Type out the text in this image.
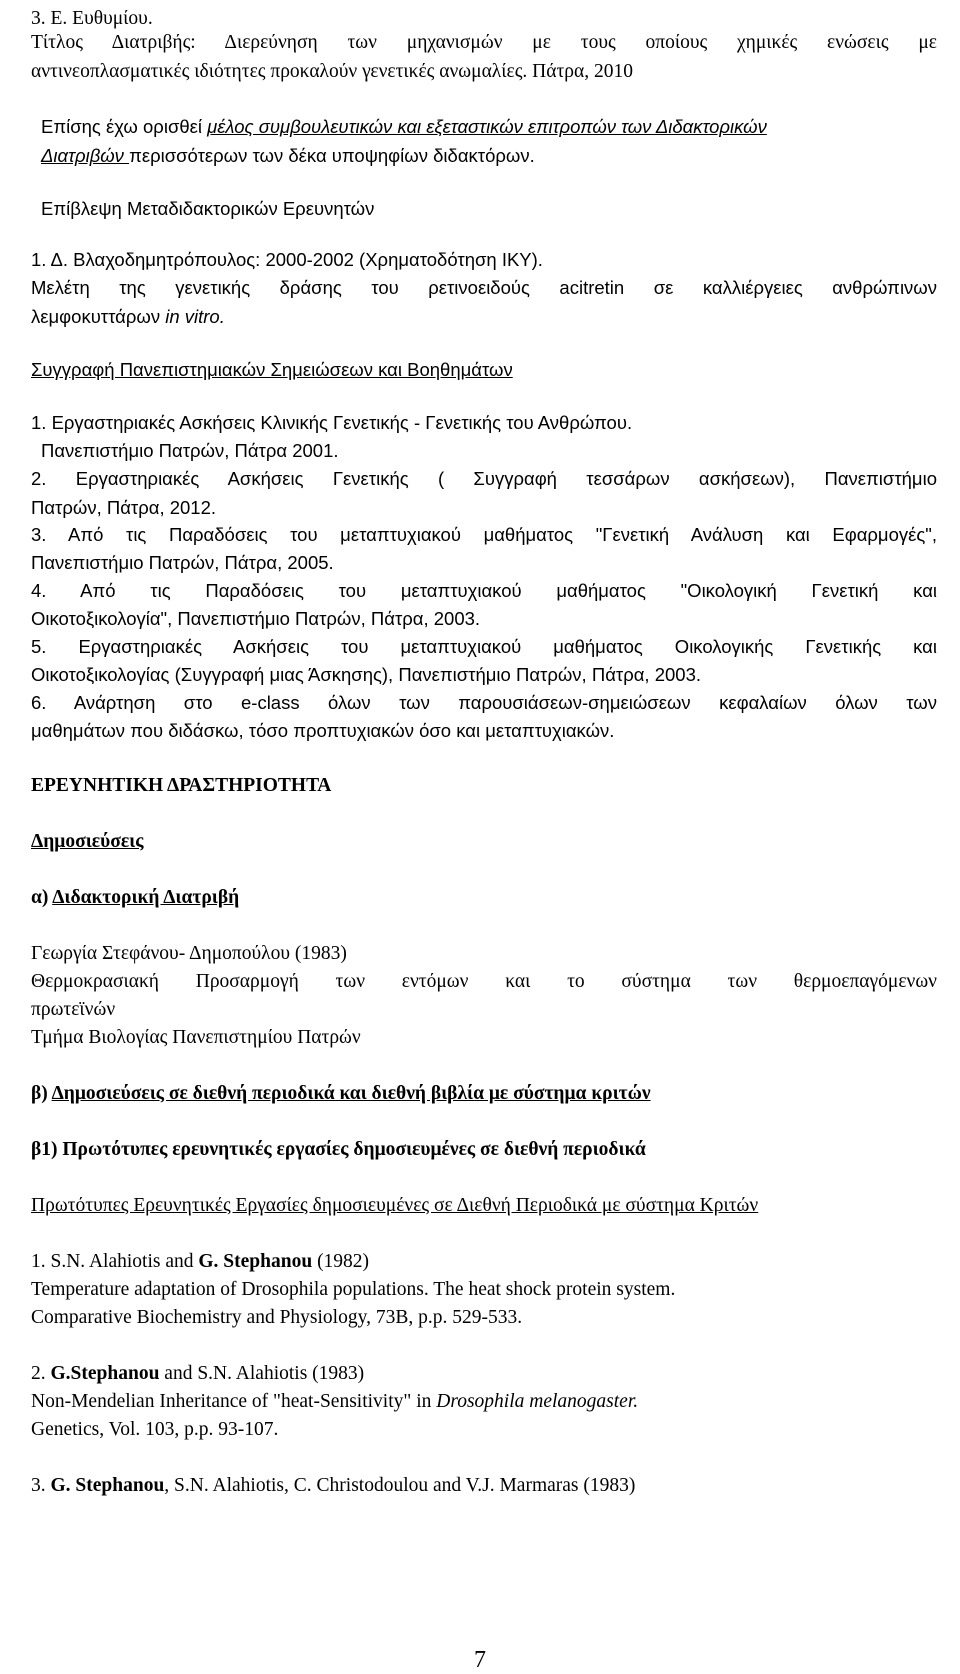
3. Ε. Ευθυμίου.
Τίτλος Διατριβής: Διερεύνηση των μηχανισμών με τους οποίους χημικές ενώσεις με
αντινεοπλασματικές ιδιότητες προκαλούν γενετικές ανωμαλίες. Πάτρα, 2010
Επίσης έχω ορισθεί μέλος συμβουλευτικών και εξεταστικών επιτροπών των Διδακτορικών
Διατριβών περισσότερων των δέκα υποψηφίων διδακτόρων.
Επίβλεψη Μεταδιδακτορικών Ερευνητών
1. Δ. Βλαχοδημητρόπουλος: 2000-2002 (Χρηματοδότηση ΙΚΥ).
Μελέτη της γενετικής δράσης του ρετινοειδούς acitretin σε καλλιέργειες ανθρώπινων
λεμφοκυττάρων in vitro.
Συγγραφή Πανεπιστημιακών Σημειώσεων και Βοηθημάτων
1. Εργαστηριακές Ασκήσεις Κλινικής Γενετικής - Γενετικής του Ανθρώπου.
Πανεπιστήμιο Πατρών, Πάτρα 2001.
2. Εργαστηριακές Ασκήσεις Γενετικής ( Συγγραφή τεσσάρων ασκήσεων), Πανεπιστήμιο
Πατρών, Πάτρα, 2012.
3. Από τις Παραδόσεις του μεταπτυχιακού μαθήματος "Γενετική Ανάλυση και Εφαρμογές",
Πανεπιστήμιο Πατρών, Πάτρα, 2005.
4. Από τις Παραδόσεις του μεταπτυχιακού μαθήματος "Οικολογική Γενετική και
Οικοτοξικολογία", Πανεπιστήμιο Πατρών, Πάτρα, 2003.
5. Εργαστηριακές Ασκήσεις του μεταπτυχιακού μαθήματος Οικολογικής Γενετικής και
Οικοτοξικολογίας (Συγγραφή μιας Άσκησης), Πανεπιστήμιο Πατρών, Πάτρα, 2003.
6. Ανάρτηση στο e-class όλων των παρουσιάσεων-σημειώσεων κεφαλαίων όλων των
μαθημάτων που διδάσκω, τόσο προπτυχιακών όσο και μεταπτυχιακών.
ΕΡΕΥΝΗΤΙΚΗ ΔΡΑΣΤΗΡΙΟΤΗΤΑ
Δημοσιεύσεις
α) Διδακτορική Διατριβή
Γεωργία Στεφάνου- Δημοπούλου (1983)
Θερμοκρασιακή Προσαρμογή των εντόμων και το σύστημα των θερμοεπαγόμενων
πρωτεϊνών
Τμήμα Βιολογίας Πανεπιστημίου Πατρών
β) Δημοσιεύσεις σε διεθνή περιοδικά και διεθνή βιβλία με σύστημα κριτών
β1) Πρωτότυπες ερευνητικές εργασίες δημοσιευμένες σε διεθνή περιοδικά
Πρωτότυπες Ερευνητικές Εργασίες δημοσιευμένες σε Διεθνή Περιοδικά με σύστημα Κριτών
1. S.N. Alahiotis and G. Stephanou (1982)
Temperature adaptation of Drosophila populations. The heat shock protein system.
Comparative Biochemistry and Physiology, 73B, p.p. 529-533.
2. G.Stephanou and S.N. Alahiotis (1983)
Non-Mendelian Inheritance of "heat-Sensitivity" in Drosophila melanogaster.
Genetics, Vol. 103, p.p. 93-107.
3. G. Stephanou, S.N. Alahiotis, C. Christodoulou and V.J. Marmaras (1983)
7
